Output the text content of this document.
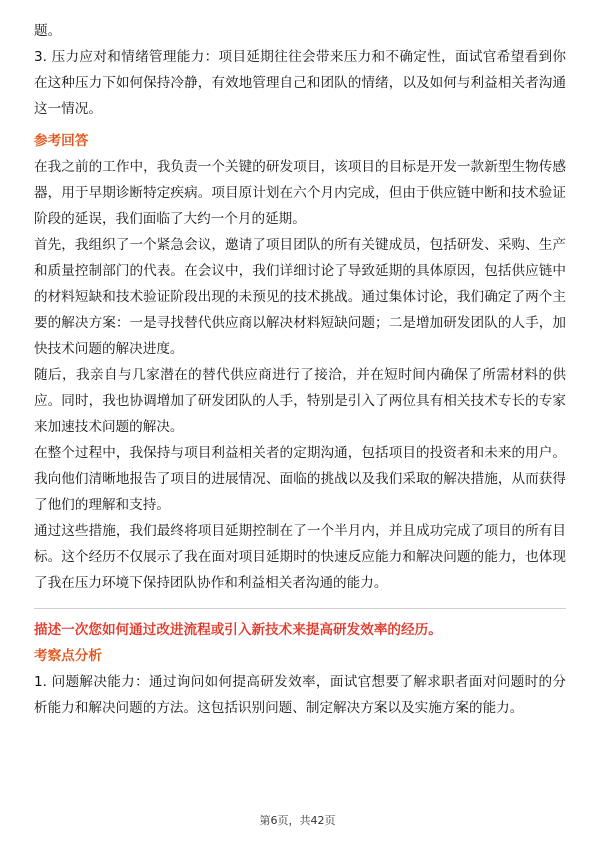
题。

3. 压力应对和情绪管理能力：项目延期往往会带来压力和不确定性，面试官希望看到你在这种压力下如何保持冷静，有效地管理自己和团队的情绪，以及如何与利益相关者沟通这一情况。

参考回答

在我之前的工作中，我负责一个关键的研发项目，该项目的目标是开发一款新型生物传感器，用于早期诊断特定疾病。项目原计划在六个月内完成，但由于供应链中断和技术验证阶段的延误，我们面临了大约一个月的延期。

首先，我组织了一个紧急会议，邀请了项目团队的所有关键成员，包括研发、采购、生产和质量控制部门的代表。在会议中，我们详细讨论了导致延期的具体原因，包括供应链中的材料短缺和技术验证阶段出现的未预见的技术挑战。通过集体讨论，我们确定了两个主要的解决方案：一是寻找替代供应商以解决材料短缺问题；二是增加研发团队的人手，加快技术问题的解决进度。

随后，我亲自与几家潜在的替代供应商进行了接洽，并在短时间内确保了所需材料的供应。同时，我也协调增加了研发团队的人手，特别是引入了两位具有相关技术专长的专家来加速技术问题的解决。

在整个过程中，我保持与项目利益相关者的定期沟通，包括项目的投资者和未来的用户。我向他们清晰地报告了项目的进展情况、面临的挑战以及我们采取的解决措施，从而获得了他们的理解和支持。

通过这些措施，我们最终将项目延期控制在了一个半月内，并且成功完成了项目的所有目标。这个经历不仅展示了我在面对项目延期时的快速反应能力和解决问题的能力，也体现了我在压力环境下保持团队协作和利益相关者沟通的能力。

描述一次您如何通过改进流程或引入新技术来提高研发效率的经历。
考察点分析

1. 问题解决能力：通过询问如何提高研发效率，面试官想要了解求职者面对问题时的分析能力和解决问题的方法。这包括识别问题、制定解决方案以及实施方案的能力。

第6页，共42页
